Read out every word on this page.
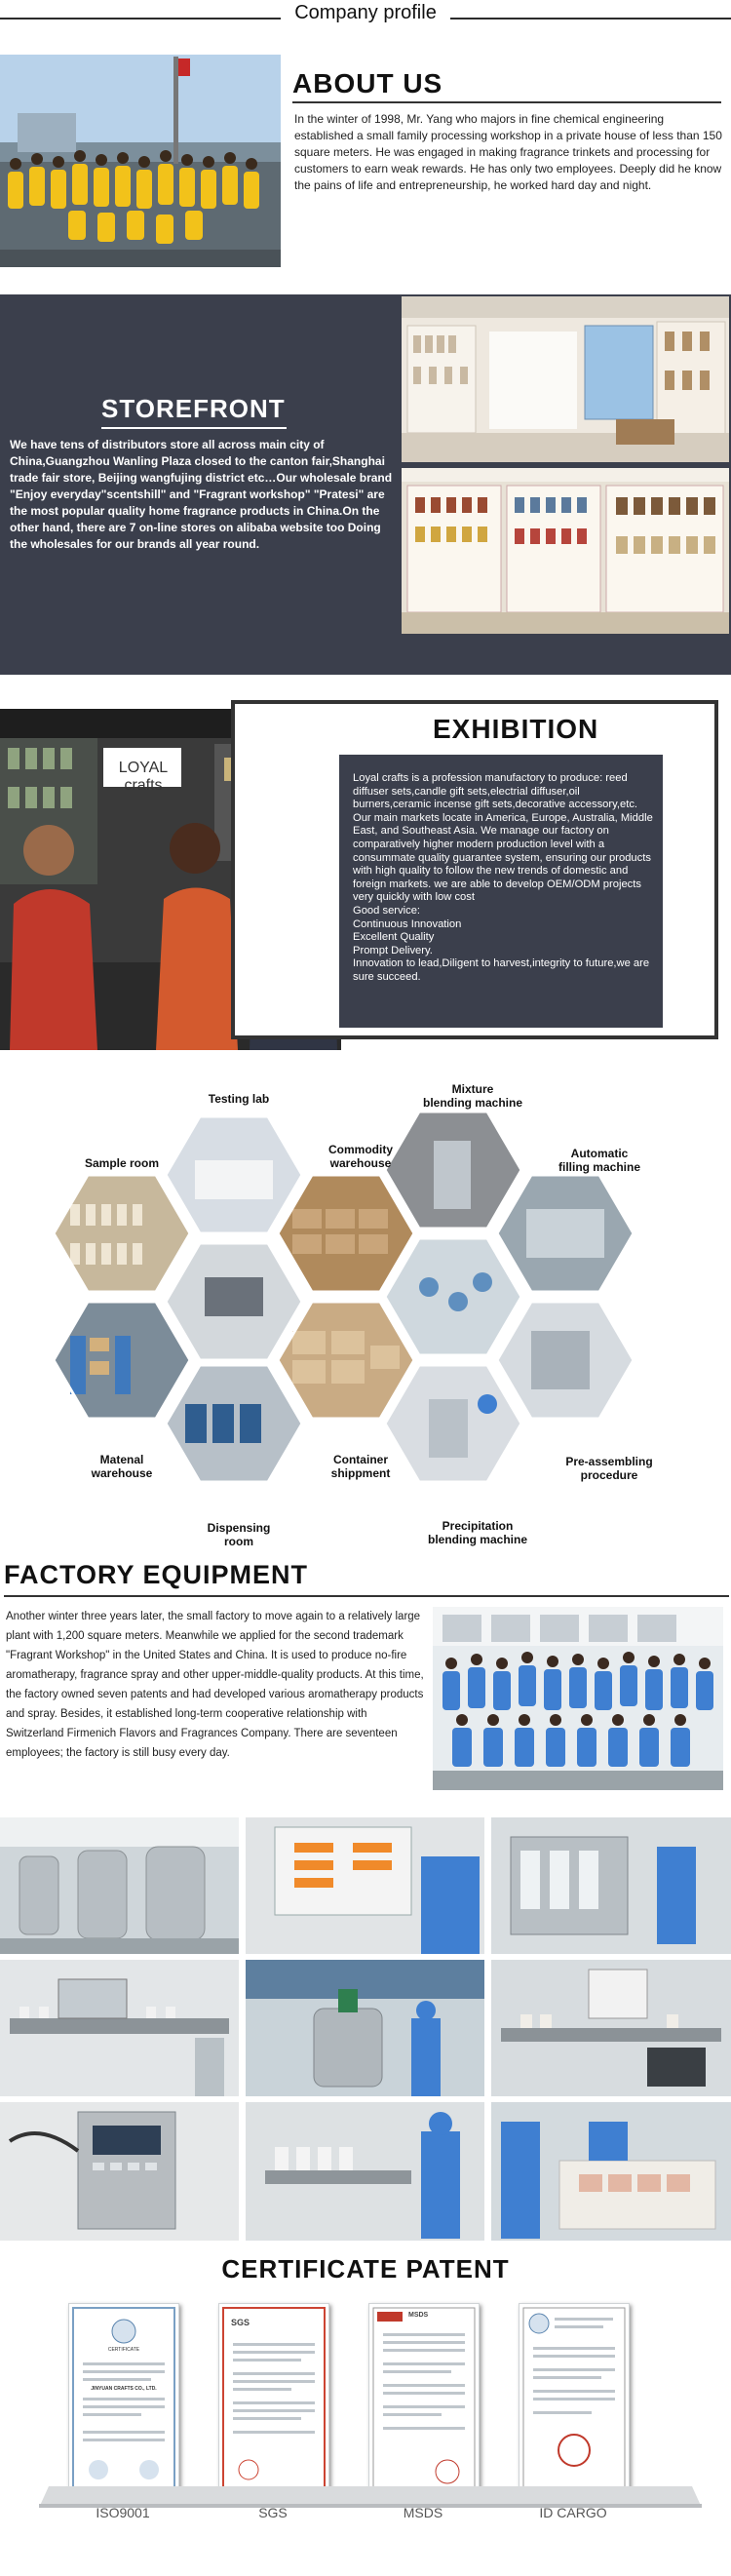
Company profile
ABOUT US
In the winter of 1998, Mr. Yang who majors in fine chemical engineering established a small family processing workshop in a private house of less than 150 square meters. He was engaged in making fragrance trinkets and processing for customers to earn weak rewards. He has only two employees. Deeply did he know the pains of life and entrepreneurship, he worked hard day and night.
STOREFRONT
We have tens of distributors store all across main city of China,Guangzhou Wanling Plaza closed to the canton fair,Shanghai trade fair store, Beijing wangfujing district etc…Our wholesale brand "Enjoy everyday"scentshill" and "Fragrant workshop" "Pratesi" are the most popular quality home fragrance products in China.On the other hand, there are 7 on-line stores on alibaba website too Doing the wholesales for our brands all year round.
LOYAL
crafts
EXHIBITION

Loyal crafts is a profession manufactory to produce: reed diffuser sets,candle gift sets,electrial diffuser,oil burners,ceramic incense gift sets,decorative accessory,etc. Our main markets locate in America, Europe, Australia, Middle East, and Southeast Asia. We manage our factory on comparatively higher modern production level with a consummate quality guarantee system, ensuring our products with high quality to follow the new trends of domestic and foreign markets. we are able to develop OEM/ODM projects very quickly with low cost

Good service:

Continuous Innovation

Excellent Quality

Prompt Delivery.

Innovation to lead,Diligent to harvest,integrity to future,we are sure succeed.

Testing lab
Mixture
blending machine
Sample room
Commodity
warehouse
Automatic
filling machine
Matenal
warehouse
Container
shippment
Pre-assembling
procedure
Dispensing
room
Precipitation
blending machine
FACTORY EQUIPMENT
Another winter three years later, the small factory to move again to a relatively large plant with 1,200 square meters. Meanwhile we applied for the second trademark "Fragrant Workshop" in the United States and China. It is used to produce no-fire aromatherapy, fragrance spray and other upper-middle-quality products. At this time, the factory owned seven patents and had developed various aromatherapy products and spray. Besides, it established long-term cooperative relationship with Switzerland Firmenich Flavors and Fragrances Company. There are seventeen employees; the factory is still busy every day.
CERTIFICATE PATENT
CERTIFICATE
JINYUAN CRAFTS CO., LTD.
SGS
MSDS
ISO9001	SGS	MSDS	ID CARGO
